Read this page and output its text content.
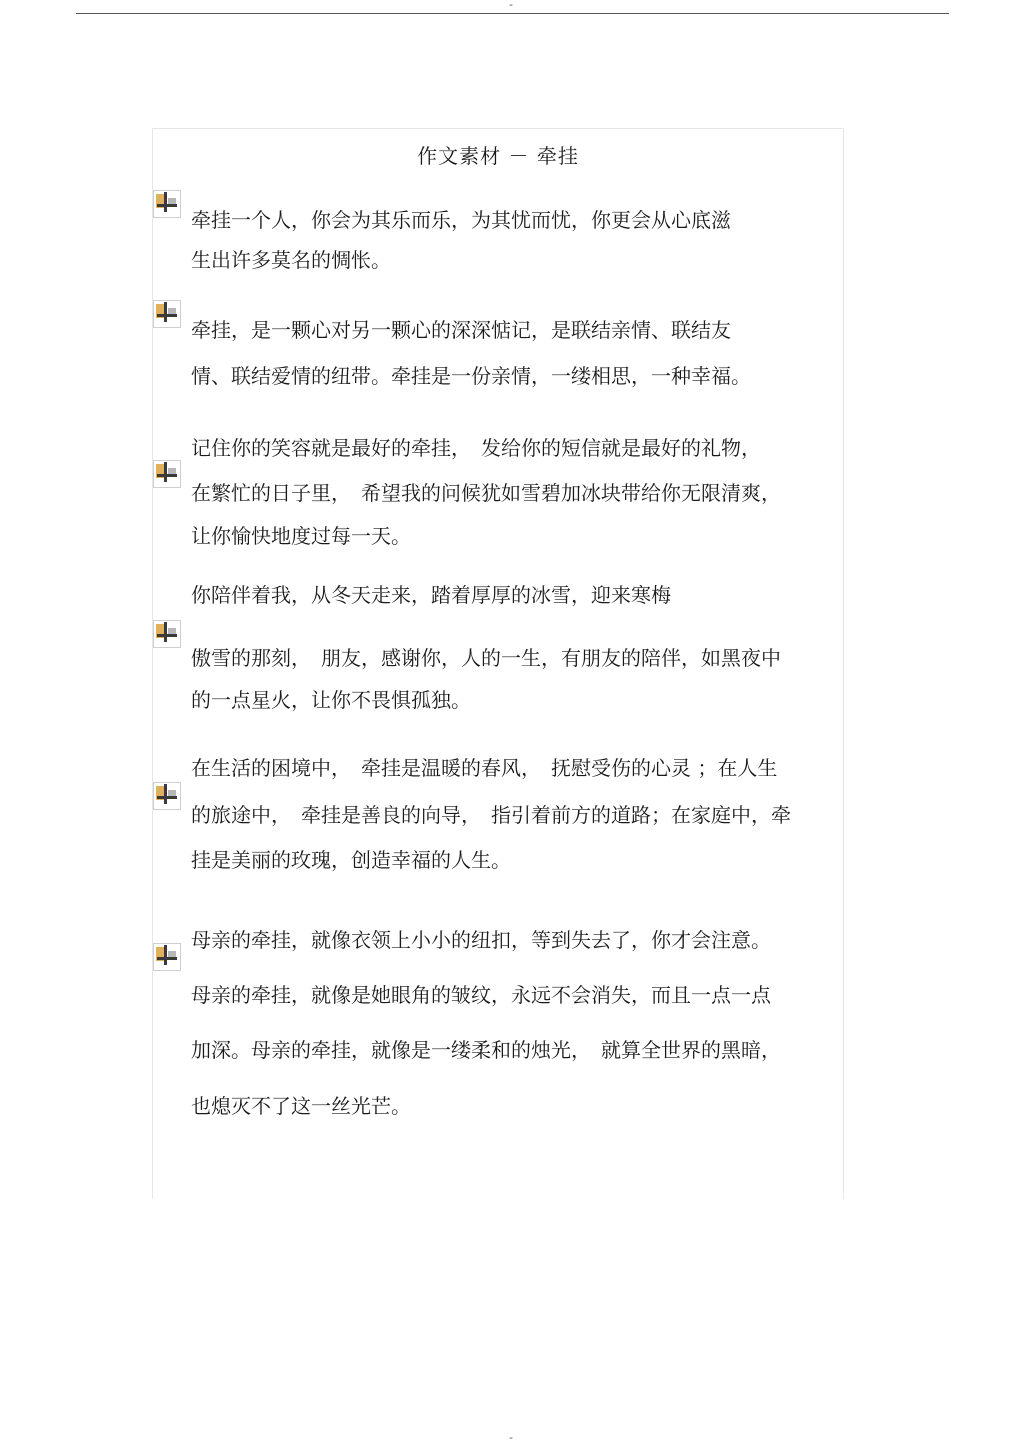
-
作文素材 － 牵挂
牵挂一个人，你会为其乐而乐，为其忧而忧，你更会从心底滋
生出许多莫名的惆怅。
牵挂，是一颗心对另一颗心的深深惦记，是联结亲情、联结友
情、联结爱情的纽带。牵挂是一份亲情，一缕相思，一种幸福。
记住你的笑容就是最好的牵挂，　发给你的短信就是最好的礼物，
在繁忙的日子里，　希望我的问候犹如雪碧加冰块带给你无限清爽，
让你愉快地度过每一天。
你陪伴着我，从冬天走来，踏着厚厚的冰雪，迎来寒梅
傲雪的那刻，　朋友，感谢你，人的一生，有朋友的陪伴，如黑夜中
的一点星火，让你不畏惧孤独。
在生活的困境中，　牵挂是温暖的春风，　抚慰受伤的心灵 ；在人生
的旅途中，　牵挂是善良的向导，　指引着前方的道路；在家庭中，牵
挂是美丽的玫瑰，创造幸福的人生。
母亲的牵挂，就像衣领上小小的纽扣，等到失去了，你才会注意。
母亲的牵挂，就像是她眼角的皱纹，永远不会消失，而且一点一点
加深。母亲的牵挂，就像是一缕柔和的烛光，　就算全世界的黑暗，
也熄灭不了这一丝光芒。
-
